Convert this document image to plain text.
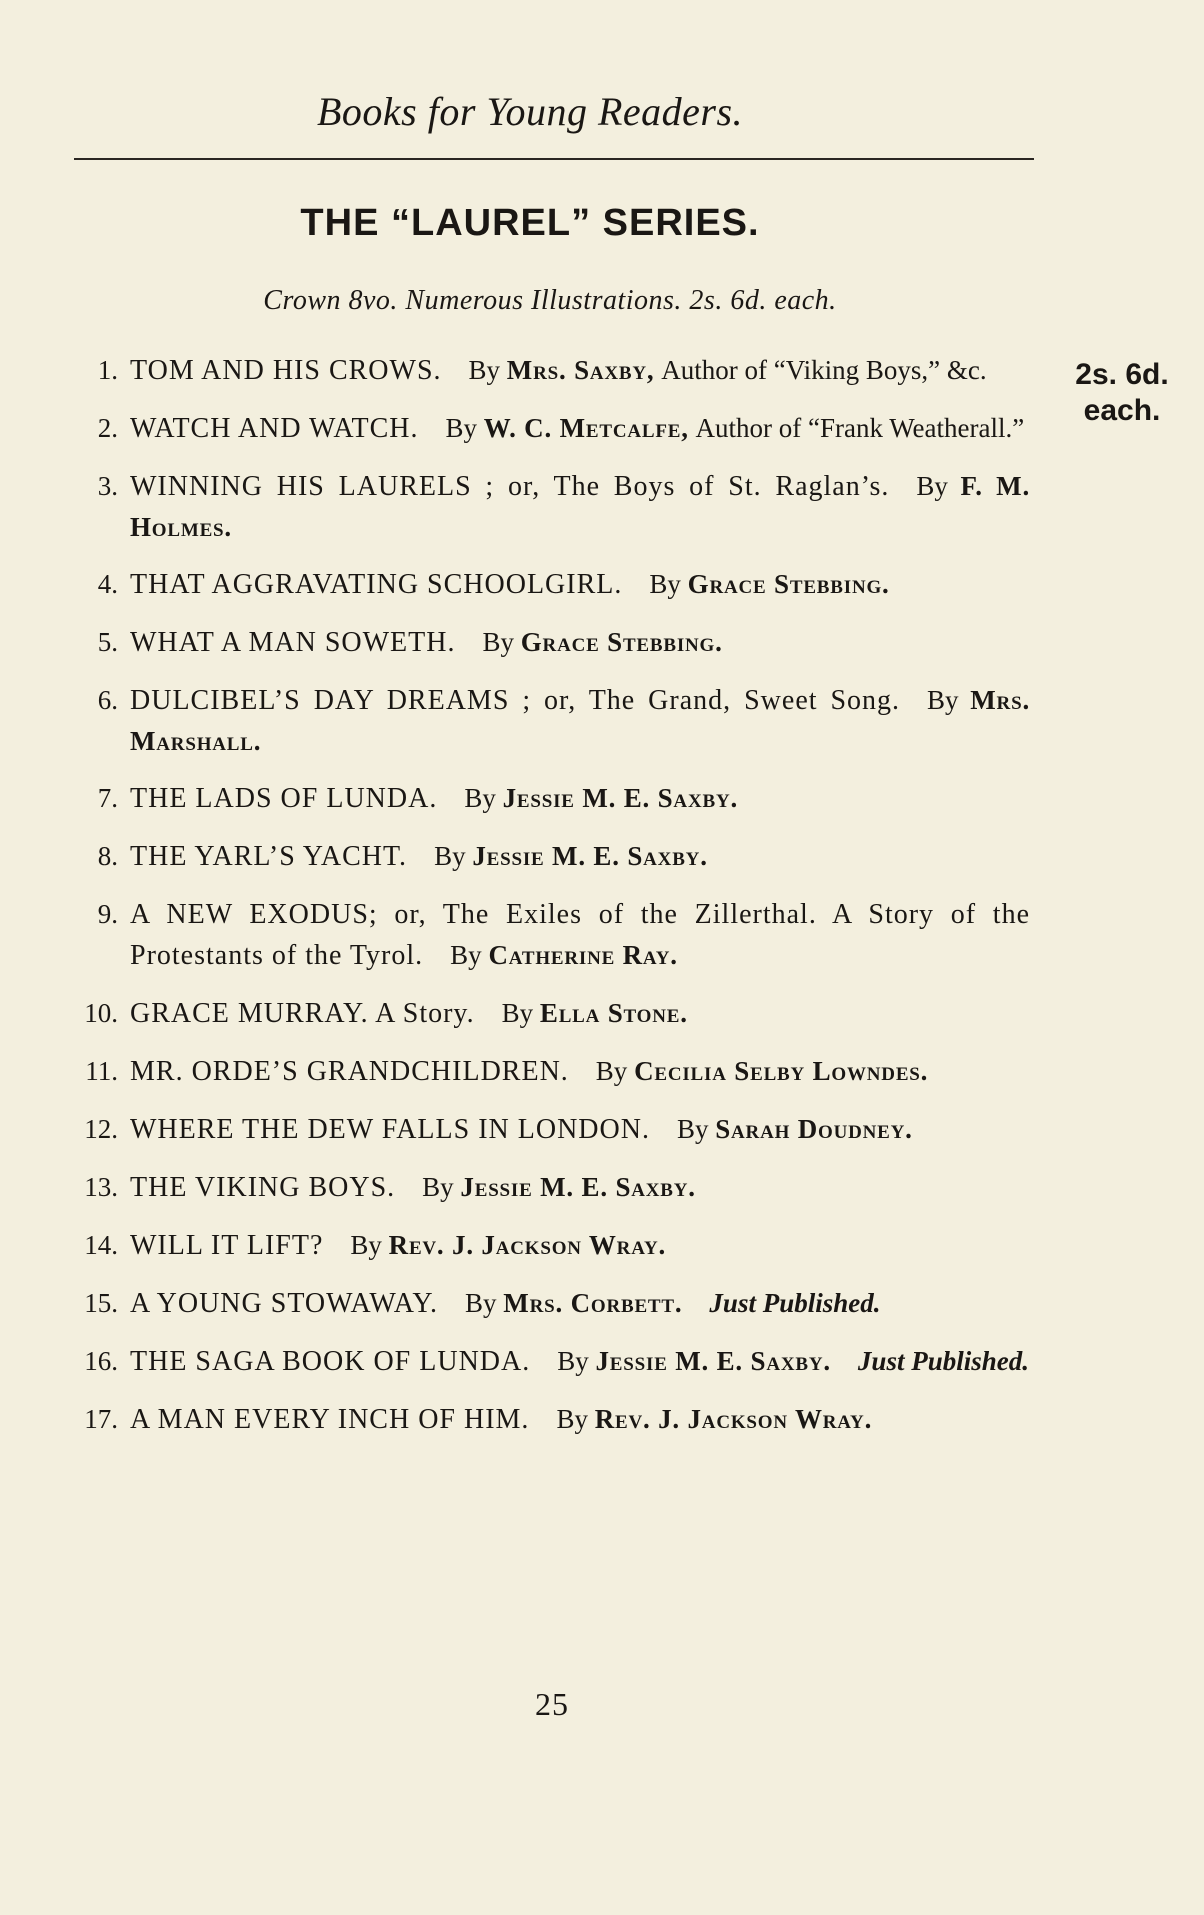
Books for Young Readers.
THE “LAUREL” SERIES.
Crown 8vo. Numerous Illustrations. 2s. 6d. each.
2s. 6d.
each.
1. TOM AND HIS CROWS.  By Mrs. Saxby, Author of “Viking Boys,” &c.
2. WATCH AND WATCH.  By W. C. Metcalfe, Author of “Frank Weatherall.”
3. WINNING HIS LAURELS ; or, The Boys of St. Raglan’s.  By F. M. Holmes.
4. THAT AGGRAVATING SCHOOLGIRL.  By Grace Stebbing.
5. WHAT A MAN SOWETH.  By Grace Stebbing.
6. DULCIBEL’S DAY DREAMS ; or, The Grand, Sweet Song.  By Mrs. Marshall.
7. THE LADS OF LUNDA.  By Jessie M. E. Saxby.
8. THE YARL’S YACHT.  By Jessie M. E. Saxby.
9. A NEW EXODUS; or, The Exiles of the Zillerthal. A Story of the Protestants of the Tyrol.  By Catherine Ray.
10. GRACE MURRAY. A Story.  By Ella Stone.
11. MR. ORDE’S GRANDCHILDREN.  By Cecilia Selby Lowndes.
12. WHERE THE DEW FALLS IN LONDON.  By Sarah Doudney.
13. THE VIKING BOYS.  By Jessie M. E. Saxby.
14. WILL IT LIFT?  By Rev. J. Jackson Wray.
15. A YOUNG STOWAWAY.  By Mrs. Corbett.  Just Published.
16. THE SAGA BOOK OF LUNDA.  By Jessie M. E. Saxby.  Just Published.
17. A MAN EVERY INCH OF HIM.  By Rev. J. Jackson Wray.
25
